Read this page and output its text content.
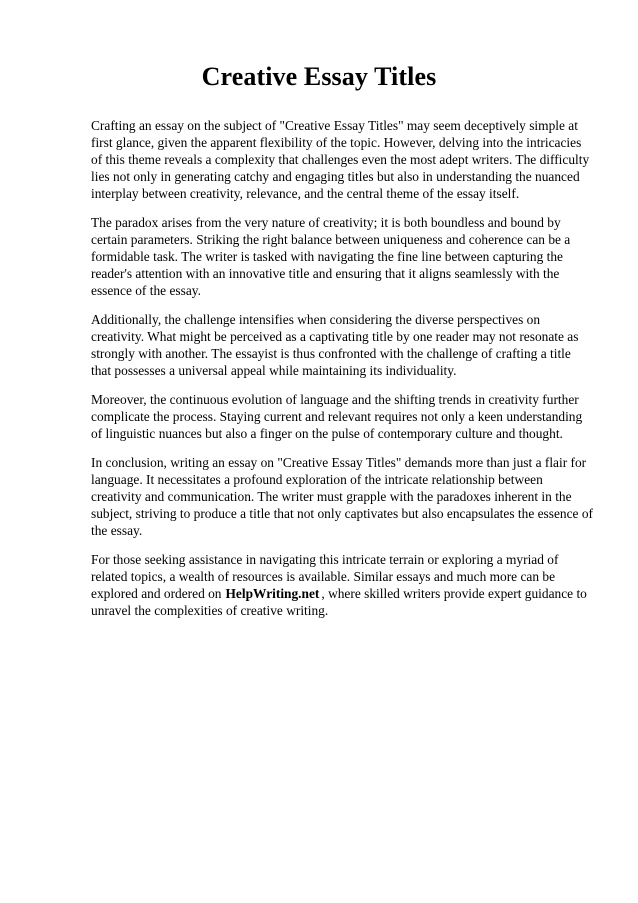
Creative Essay Titles

Crafting an essay on the subject of "Creative Essay Titles" may seem deceptively simple at first glance, given the apparent flexibility of the topic. However, delving into the intricacies of this theme reveals a complexity that challenges even the most adept writers. The difficulty lies not only in generating catchy and engaging titles but also in understanding the nuanced interplay between creativity, relevance, and the central theme of the essay itself.

The paradox arises from the very nature of creativity; it is both boundless and bound by certain parameters. Striking the right balance between uniqueness and coherence can be a formidable task. The writer is tasked with navigating the fine line between capturing the reader's attention with an innovative title and ensuring that it aligns seamlessly with the essence of the essay.

Additionally, the challenge intensifies when considering the diverse perspectives on creativity. What might be perceived as a captivating title by one reader may not resonate as strongly with another. The essayist is thus confronted with the challenge of crafting a title that possesses a universal appeal while maintaining its individuality.

Moreover, the continuous evolution of language and the shifting trends in creativity further complicate the process. Staying current and relevant requires not only a keen understanding of linguistic nuances but also a finger on the pulse of contemporary culture and thought.

In conclusion, writing an essay on "Creative Essay Titles" demands more than just a flair for language. It necessitates a profound exploration of the intricate relationship between creativity and communication. The writer must grapple with the paradoxes inherent in the subject, striving to produce a title that not only captivates but also encapsulates the essence of the essay.

For those seeking assistance in navigating this intricate terrain or exploring a myriad of related topics, a wealth of resources is available. Similar essays and much more can be explored and ordered on HelpWriting.net , where skilled writers provide expert guidance to unravel the complexities of creative writing.
